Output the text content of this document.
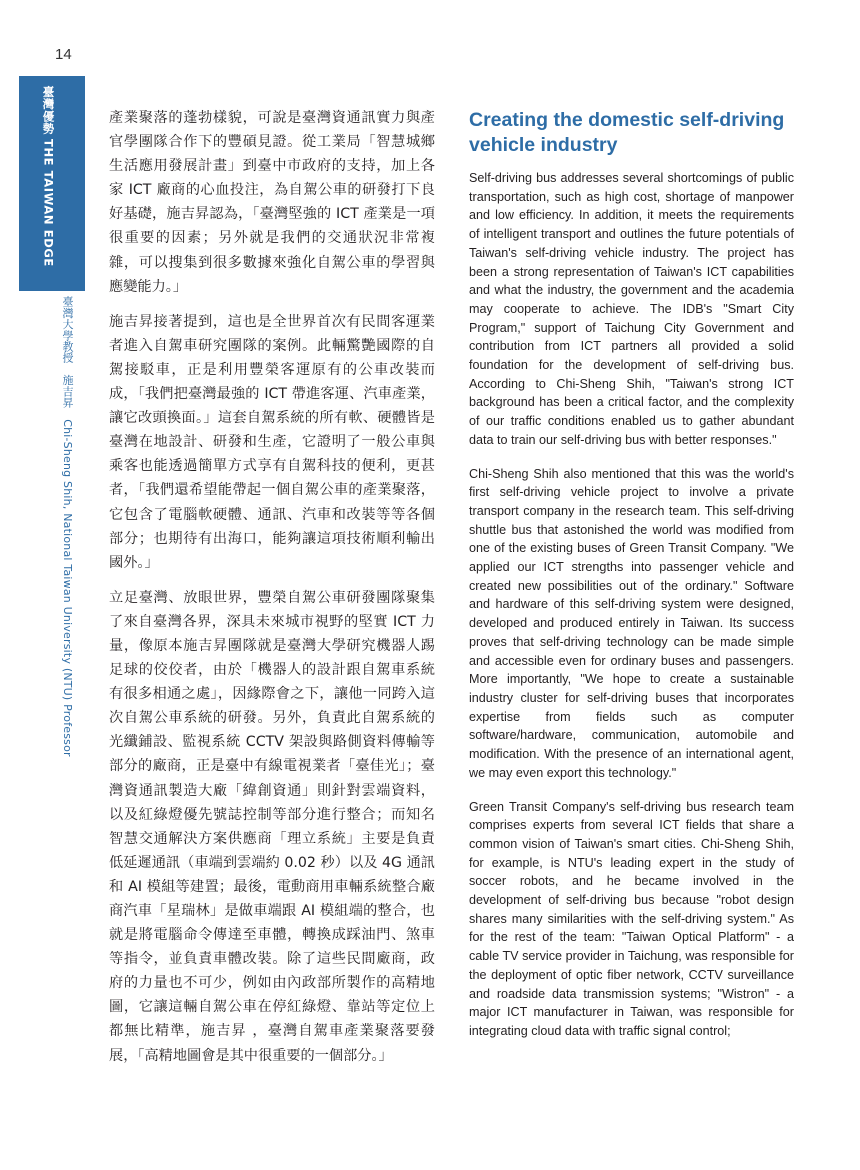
14
臺灣優勢 THE TAIWAN EDGE
臺灣大學教授　施吉昇　Chi-Sheng Shih, National Taiwan University (NTU) Professor

產業聚落的蓬勃樣貌，可說是臺灣資通訊實力與產官學團隊合作下的豐碩見證。從工業局「智慧城鄉生活應用發展計畫」到臺中市政府的支持，加上各家 ICT 廠商的心血投注，為自駕公車的研發打下良好基礎，施吉昇認為，「臺灣堅強的 ICT 產業是一項很重要的因素；另外就是我們的交通狀況非常複雜，可以搜集到很多數據來強化自駕公車的學習與應變能力。」

施吉昇接著提到，這也是全世界首次有民間客運業者進入自駕車研究團隊的案例。此輛驚艷國際的自駕接駁車，正是利用豐榮客運原有的公車改裝而成，「我們把臺灣最強的 ICT 帶進客運、汽車產業，讓它改頭換面。」這套自駕系統的所有軟、硬體皆是臺灣在地設計、研發和生產，它證明了一般公車與乘客也能透過簡單方式享有自駕科技的便利，更甚者，「我們還希望能帶起一個自駕公車的產業聚落，它包含了電腦軟硬體、通訊、汽車和改裝等等各個部分；也期待有出海口，能夠讓這項技術順利輸出國外。」

立足臺灣、放眼世界，豐榮自駕公車研發團隊聚集了來自臺灣各界，深具未來城市視野的堅實 ICT 力量，像原本施吉昇團隊就是臺灣大學研究機器人踢足球的佼佼者，由於「機器人的設計跟自駕車系統有很多相通之處」，因緣際會之下，讓他一同跨入這次自駕公車系統的研發。另外，負責此自駕系統的光纖鋪設、監視系統 CCTV 架設與路側資料傳輸等部分的廠商，正是臺中有線電視業者「臺佳光」；臺灣資通訊製造大廠「緯創資通」則針對雲端資料，以及紅綠燈優先號誌控制等部分進行整合；而知名智慧交通解決方案供應商「理立系統」主要是負責低延遲通訊（車端到雲端約 0.02 秒）以及 4G 通訊和 AI 模組等建置；最後，電動商用車輛系統整合廠商汽車「星瑞林」是做車端跟 AI 模組端的整合，也就是將電腦命令傳達至車體，轉換成踩油門、煞車等指令，並負責車體改裝。除了這些民間廠商，政府的力量也不可少，例如由內政部所製作的高精地圖，它讓這輛自駕公車在停紅綠燈、靠站等定位上都無比精準，施吉昇 ，臺灣自駕車產業聚落要發展，「高精地圖會是其中很重要的一個部分。」

Creating the domestic self-driving vehicle industry

Self-driving bus addresses several shortcomings of public transportation, such as high cost, shortage of manpower and low efficiency. In addition, it meets the requirements of intelligent transport and outlines the future potentials of Taiwan's self-driving vehicle industry. The project has been a strong representation of Taiwan's ICT capabilities and what the industry, the government and the academia may cooperate to achieve. The IDB's "Smart City Program," support of Taichung City Government and contribution from ICT partners all provided a solid foundation for the development of self-driving bus. According to Chi-Sheng Shih, "Taiwan's strong ICT background has been a critical factor, and the complexity of our traffic conditions enabled us to gather abundant data to train our self-driving bus with better responses."

Chi-Sheng Shih also mentioned that this was the world's first self-driving vehicle project to involve a private transport company in the research team. This self-driving shuttle bus that astonished the world was modified from one of the existing buses of Green Transit Company. "We applied our ICT strengths into passenger vehicle and created new possibilities out of the ordinary." Software and hardware of this self-driving system were designed, developed and produced entirely in Taiwan. Its success proves that self-driving technology can be made simple and accessible even for ordinary buses and passengers. More importantly, "We hope to create a sustainable industry cluster for self-driving buses that incorporates expertise from fields such as computer software/hardware, communication, automobile and modification. With the presence of an international agent, we may even export this technology."

Green Transit Company's self-driving bus research team comprises experts from several ICT fields that share a common vision of Taiwan's smart cities. Chi-Sheng Shih, for example, is NTU's leading expert in the study of soccer robots, and he became involved in the development of self-driving bus because "robot design shares many similarities with the self-driving system." As for the rest of the team: "Taiwan Optical Platform" - a cable TV service provider in Taichung, was responsible for the deployment of optic fiber network, CCTV surveillance and roadside data transmission systems; "Wistron" - a major ICT manufacturer in Taiwan, was responsible for integrating cloud data with traffic signal control;
